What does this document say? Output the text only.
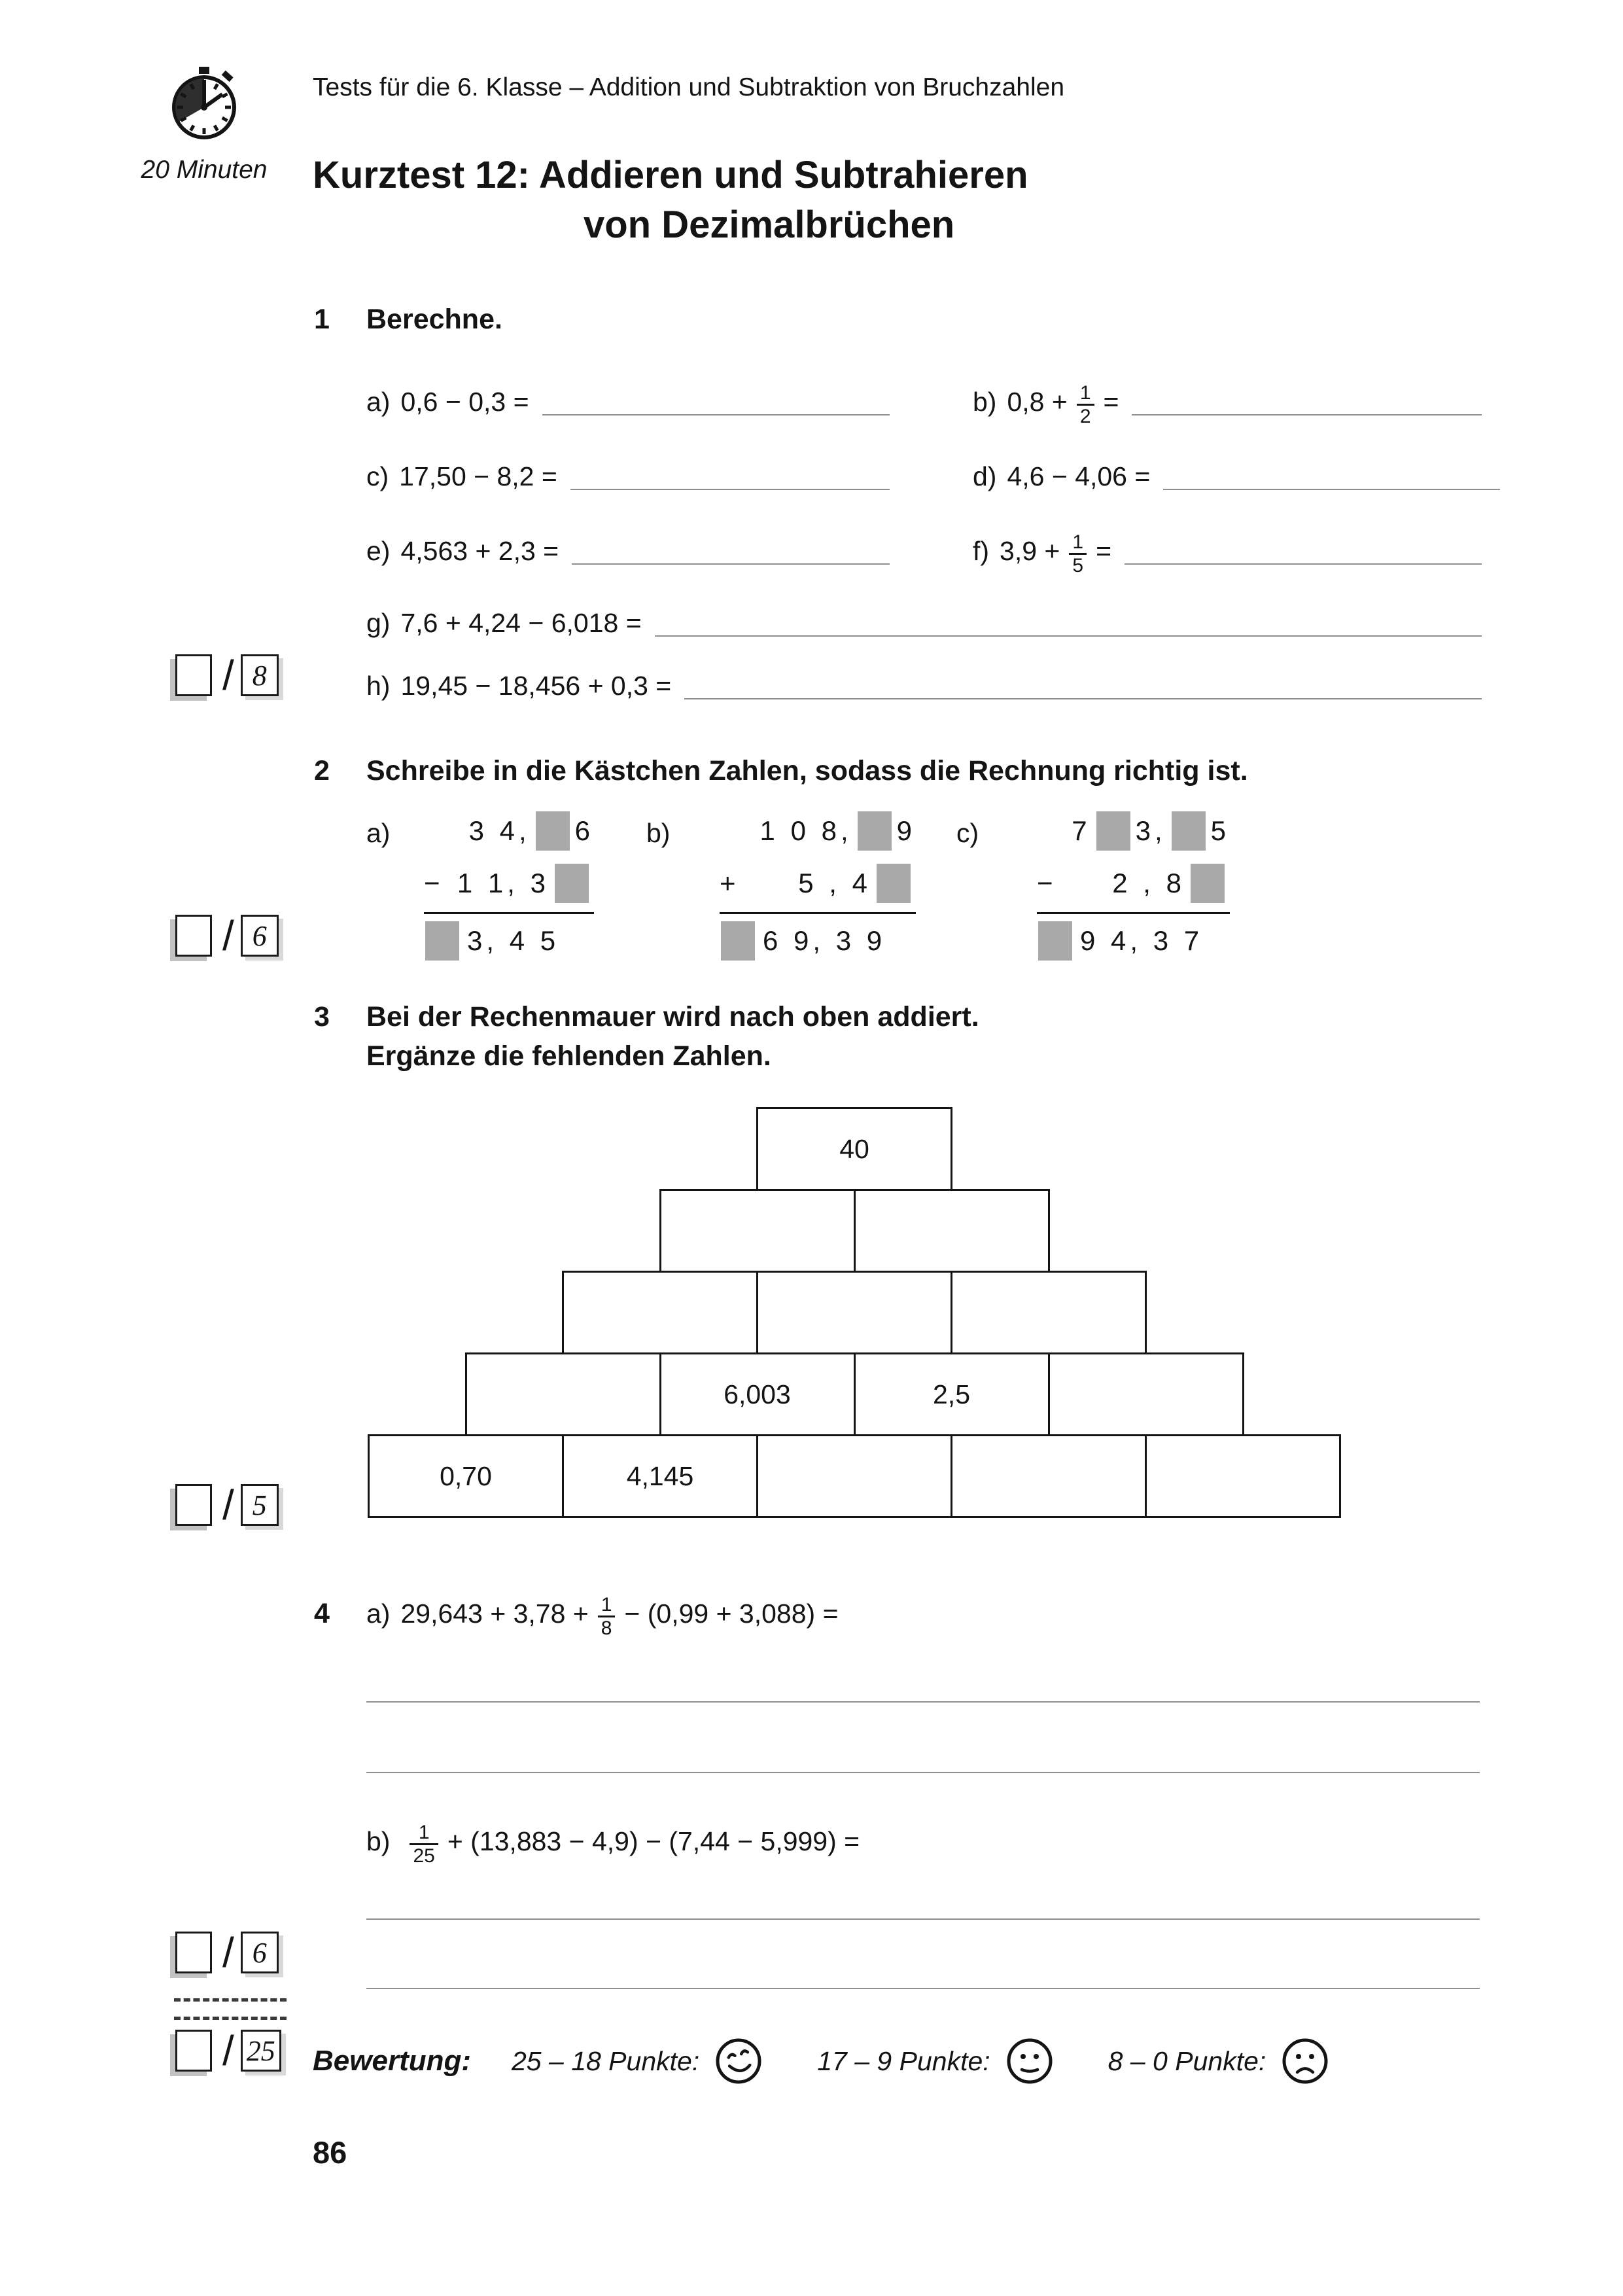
20 Minuten
Tests für die 6. Klasse – Addition und Subtraktion von Bruchzahlen
Kurztest 12: Addieren und Subtrahieren
von Dezimalbrüchen
1	Berechne.
a) 0,6 − 0,3 =	b) $0,8 + \frac{1}{2}$ =
c) 17,50 − 8,2 =	d) 4,6 − 4,06 =
e) 4,563 + 2,3 =	f) $3,9 + \frac{1}{5}$ =
g) 7,6 + 4,24 − 6,018 =
h) 19,45 − 18,456 + 0,3 =
/ 8
2	Schreibe in die Kästchen Zahlen, sodass die Rechnung richtig ist.
a)	3 4, 6
− 1 1, 3
3, 4 5
b)	1 0 8, 9
+ 5 , 4
6 9, 3 9
c)	7 3, 5
− 2 , 8
9 4, 3 7
/ 6
3	Bei der Rechenmauer wird nach oben addiert.
Ergänze die fehlenden Zahlen.
40
6,003	2,5
0,70	4,145
/ 5
4	a) $29,643 + 3,78 + \frac{1}{8} - (0,99 + 3,088)$ =
$b) \frac{1}{25} + (13,883 - 4,9) - (7,44 - 5,999)$ =
/ 6
/ 25 Bewertung: 25 – 18 Punkte:	17 – 9 Punkte:	8 – 0 Punkte:
86
